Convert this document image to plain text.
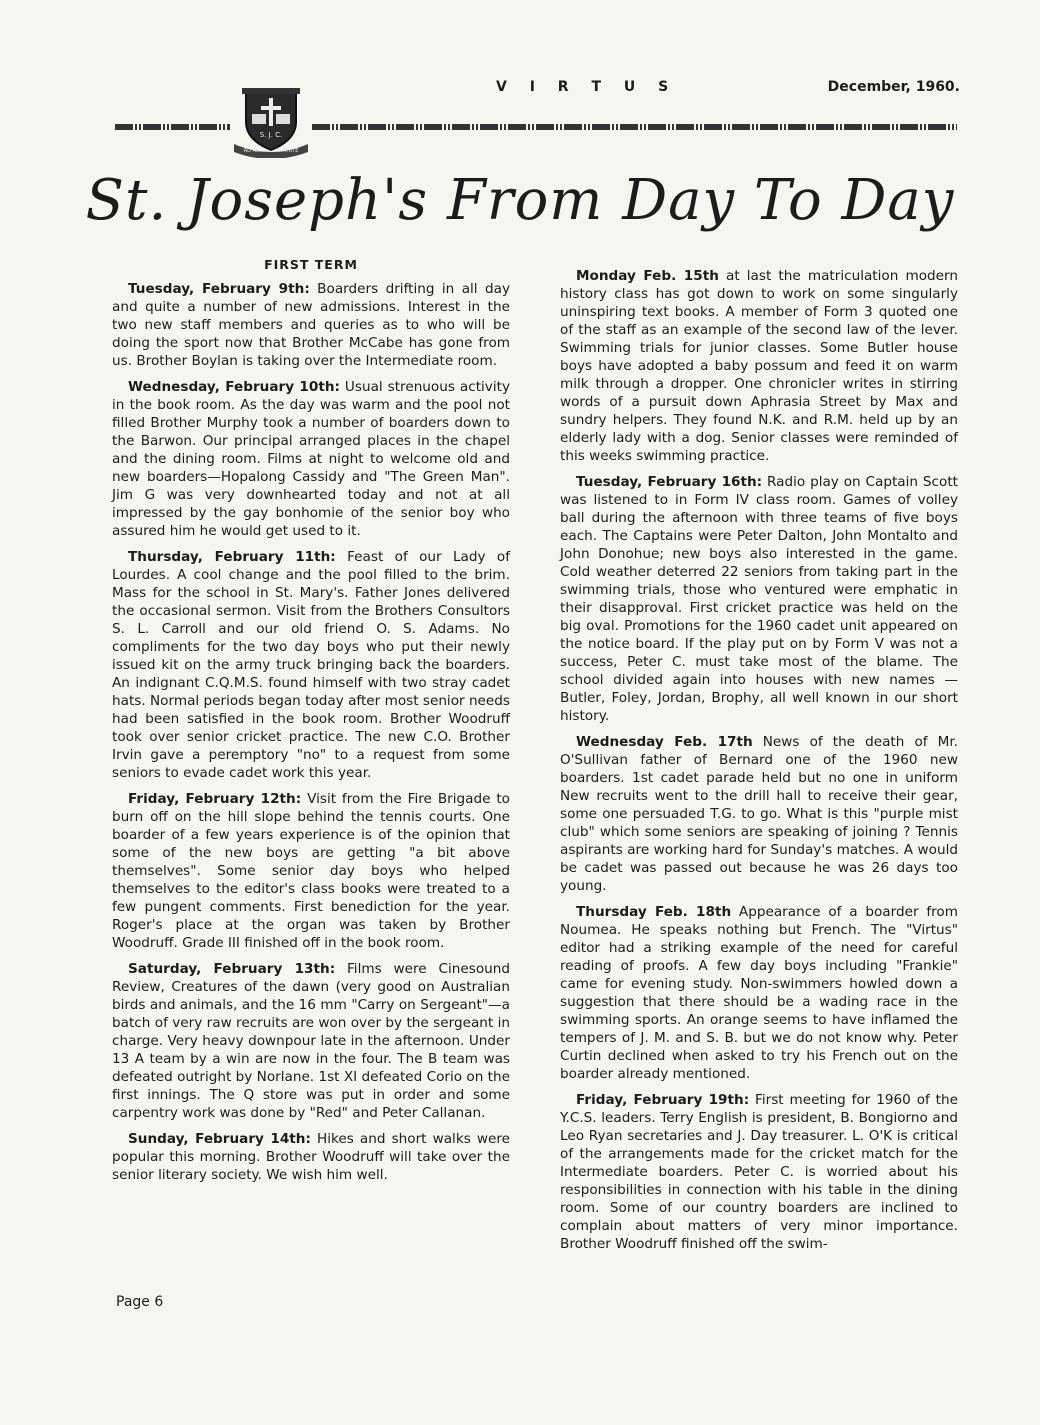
S. J. C.
AD ALTA	VIRTUTE
V I R T U S	December, 1960.
St. Joseph's From Day To Day
FIRST TERM

Tuesday, February 9th: Boarders drifting in all day and quite a number of new admissions. Interest in the two new staff members and queries as to who will be doing the sport now that Brother McCabe has gone from us. Brother Boylan is taking over the Intermediate room.

Wednesday, February 10th: Usual strenuous activity in the book room. As the day was warm and the pool not filled Brother Murphy took a number of boarders down to the Barwon. Our principal arranged places in the chapel and the dining room. Films at night to welcome old and new boarders—Hopalong Cassidy and "The Green Man". Jim G was very downhearted today and not at all impressed by the gay bonhomie of the senior boy who assured him he would get used to it.

Thursday, February 11th: Feast of our Lady of Lourdes. A cool change and the pool filled to the brim. Mass for the school in St. Mary's. Father Jones delivered the occasional sermon. Visit from the Brothers Consultors S. L. Carroll and our old friend O. S. Adams. No compliments for the two day boys who put their newly issued kit on the army truck bringing back the boarders. An indignant C.Q.M.S. found himself with two stray cadet hats. Normal periods began today after most senior needs had been satisfied in the book room. Brother Woodruff took over senior cricket practice. The new C.O. Brother Irvin gave a peremptory "no" to a request from some seniors to evade cadet work this year.

Friday, February 12th: Visit from the Fire Brigade to burn off on the hill slope behind the tennis courts. One boarder of a few years experience is of the opinion that some of the new boys are getting "a bit above themselves". Some senior day boys who helped themselves to the editor's class books were treated to a few pungent comments. First benediction for the year. Roger's place at the organ was taken by Brother Woodruff. Grade III finished off in the book room.

Saturday, February 13th: Films were Cinesound Review, Creatures of the dawn (very good on Australian birds and animals, and the 16 mm "Carry on Sergeant"—a batch of very raw recruits are won over by the sergeant in charge. Very heavy downpour late in the afternoon. Under 13 A team by a win are now in the four. The B team was defeated outright by Norlane. 1st XI defeated Corio on the first innings. The Q store was put in order and some carpentry work was done by "Red" and Peter Callanan.

Sunday, February 14th: Hikes and short walks were popular this morning. Brother Woodruff will take over the senior literary society. We wish him well.

Monday Feb. 15th at last the matriculation modern history class has got down to work on some singularly uninspiring text books. A member of Form 3 quoted one of the staff as an example of the second law of the lever. Swimming trials for junior classes. Some Butler house boys have adopted a baby possum and feed it on warm milk through a dropper. One chronicler writes in stirring words of a pursuit down Aphrasia Street by Max and sundry helpers. They found N.K. and R.M. held up by an elderly lady with a dog. Senior classes were reminded of this weeks swimming practice.

Tuesday, February 16th: Radio play on Captain Scott was listened to in Form IV class room. Games of volley ball during the afternoon with three teams of five boys each. The Captains were Peter Dalton, John Montalto and John Donohue; new boys also interested in the game. Cold weather deterred 22 seniors from taking part in the swimming trials, those who ventured were emphatic in their disapproval. First cricket practice was held on the big oval. Promotions for the 1960 cadet unit appeared on the notice board. If the play put on by Form V was not a success, Peter C. must take most of the blame. The school divided again into houses with new names — Butler, Foley, Jordan, Brophy, all well known in our short history.

Wednesday Feb. 17th News of the death of Mr. O'Sullivan father of Bernard one of the 1960 new boarders. 1st cadet parade held but no one in uniform New recruits went to the drill hall to receive their gear, some one persuaded T.G. to go. What is this "purple mist club" which some seniors are speaking of joining ? Tennis aspirants are working hard for Sunday's matches. A would be cadet was passed out because he was 26 days too young.

Thursday Feb. 18th Appearance of a boarder from Noumea. He speaks nothing but French. The "Virtus" editor had a striking example of the need for careful reading of proofs. A few day boys including "Frankie" came for evening study. Non-swimmers howled down a suggestion that there should be a wading race in the swimming sports. An orange seems to have inflamed the tempers of J. M. and S. B. but we do not know why. Peter Curtin declined when asked to try his French out on the boarder already mentioned.

Friday, February 19th: First meeting for 1960 of the Y.C.S. leaders. Terry English is president, B. Bongiorno and Leo Ryan secretaries and J. Day treasurer. L. O'K is critical of the arrangements made for the cricket match for the Intermediate boarders. Peter C. is worried about his responsibilities in connection with his table in the dining room. Some of our country boarders are inclined to complain about matters of very minor importance. Brother Woodruff finished off the swim-

Page 6
